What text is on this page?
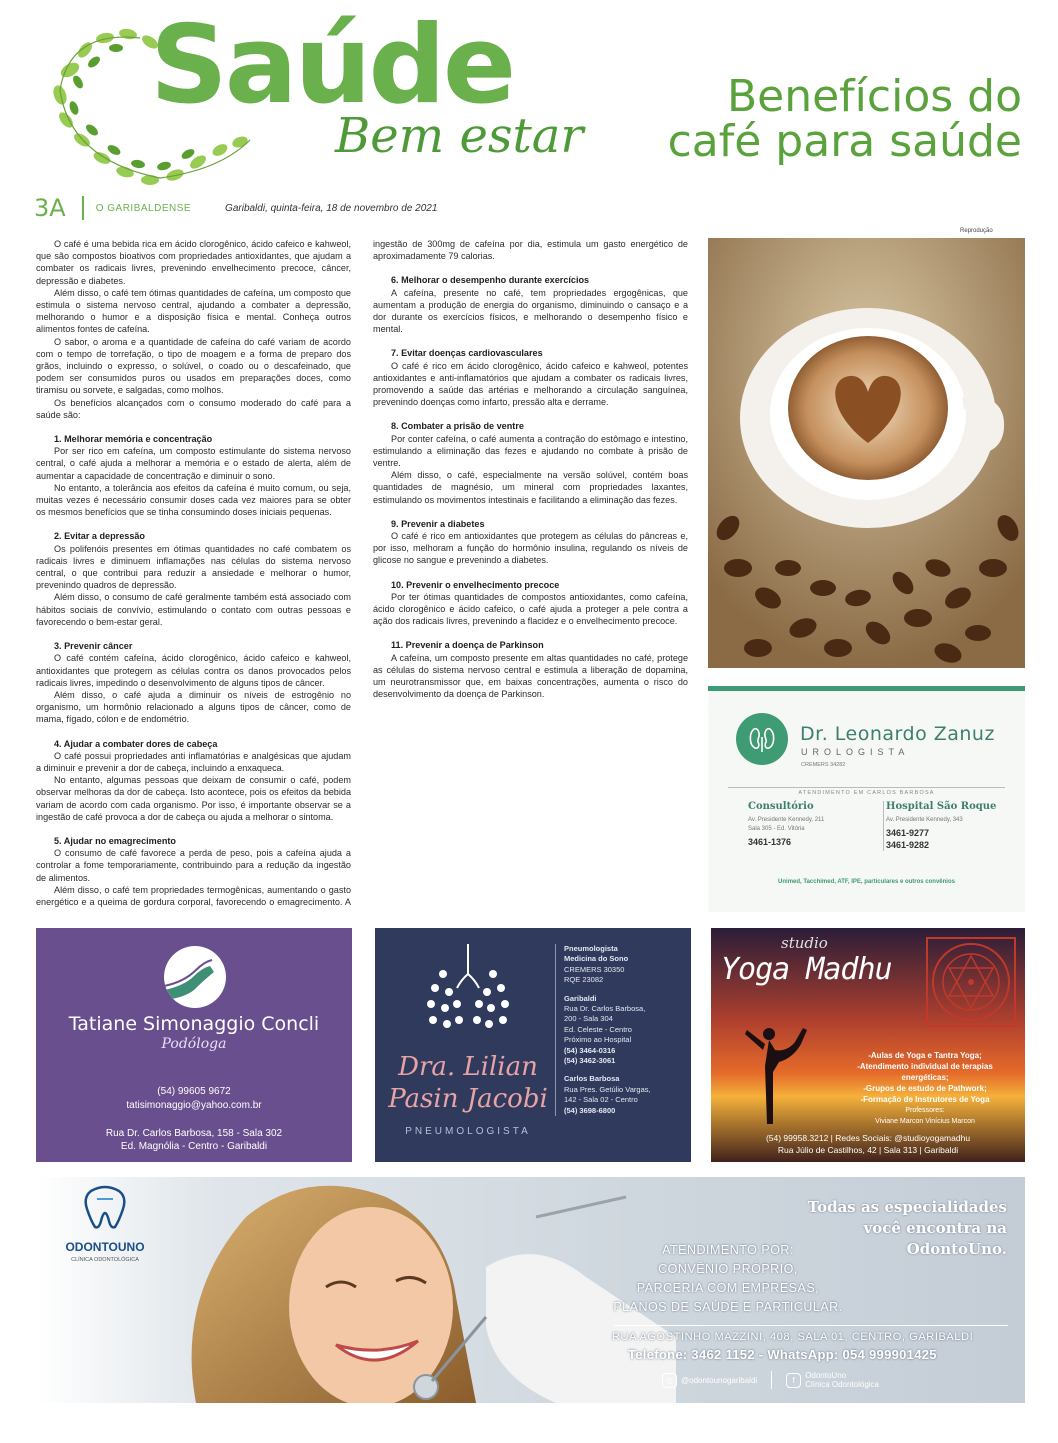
Saúde
Bem estar
Benefícios do
café para saúde
3A	O GARIBALDENSE	Garibaldi, quinta-feira, 18 de novembro de 2021

O café é uma bebida rica em ácido clorogênico, ácido cafeico e kahweol, que são compostos bioativos com propriedades antioxidantes, que ajudam a combater os radicais livres, prevenindo envelhecimento precoce, câncer, depressão e diabetes.

Além disso, o café tem ótimas quantidades de cafeína, um composto que estimula o sistema nervoso central, ajudando a combater a depressão, melhorando o humor e a disposição física e mental. Conheça outros alimentos fontes de cafeína.

O sabor, o aroma e a quantidade de cafeína do café variam de acordo com o tempo de torrefação, o tipo de moagem e a forma de preparo dos grãos, incluindo o expresso, o solúvel, o coado ou o descafeinado, que podem ser consumidos puros ou usados em preparações doces, como tiramisu ou sorvete, e salgadas, como molhos.

Os benefícios alcançados com o consumo moderado do café para a saúde são:

1. Melhorar memória e concentração

Por ser rico em cafeína, um composto estimulante do sistema nervoso central, o café ajuda a melhorar a memória e o estado de alerta, além de aumentar a capacidade de concentração e diminuir o sono.

No entanto, a tolerância aos efeitos da cafeína é muito comum, ou seja, muitas vezes é necessário consumir doses cada vez maiores para se obter os mesmos benefícios que se tinha consumindo doses iniciais pequenas.

2. Evitar a depressão

Os polifenóis presentes em ótimas quantidades no café combatem os radicais livres e diminuem inflamações nas células do sistema nervoso central, o que contribui para reduzir a ansiedade e melhorar o humor, prevenindo quadros de depressão.

Além disso, o consumo de café geralmente também está associado com hábitos sociais de convívio, estimulando o contato com outras pessoas e favorecendo o bem-estar geral.

3. Prevenir câncer

O café contém cafeína, ácido clorogênico, ácido cafeico e kahweol, antioxidantes que protegem as células contra os danos provocados pelos radicais livres, impedindo o desenvolvimento de alguns tipos de câncer.

Além disso, o café ajuda a diminuir os níveis de estrogênio no organismo, um hormônio relacionado a alguns tipos de câncer, como de mama, fígado, cólon e de endométrio.

4. Ajudar a combater dores de cabeça

O café possui propriedades anti inflamatórias e analgésicas que ajudam a diminuir e prevenir a dor de cabeça, incluindo a enxaqueca.

No entanto, algumas pessoas que deixam de consumir o café, podem observar melhoras da dor de cabeça. Isto acontece, pois os efeitos da bebida variam de acordo com cada organismo. Por isso, é importante observar se a ingestão de café provoca a dor de cabeça ou ajuda a melhorar o sintoma.

5. Ajudar no emagrecimento

O consumo de café favorece a perda de peso, pois a cafeína ajuda a controlar a fome temporariamente, contribuindo para a redução da ingestão de alimentos.

Além disso, o café tem propriedades termogênicas, aumentando o gasto energético e a queima de gordura corporal, favorecendo o emagrecimento. A ingestão de 300mg de cafeína por dia, estimula um gasto energético de aproximadamente 79 calorias.

6. Melhorar o desempenho durante exercícios

A cafeína, presente no café, tem propriedades ergogênicas, que aumentam a produção de energia do organismo, diminuindo o cansaço e a dor durante os exercícios físicos, e melhorando o desempenho físico e mental.

7. Evitar doenças cardiovasculares

O café é rico em ácido clorogênico, ácido cafeico e kahweol, potentes antioxidantes e anti-inflamatórios que ajudam a combater os radicais livres, promovendo a saúde das artérias e melhorando a circulação sanguínea, prevenindo doenças como infarto, pressão alta e derrame.

8. Combater a prisão de ventre

Por conter cafeína, o café aumenta a contração do estômago e intestino, estimulando a eliminação das fezes e ajudando no combate à prisão de ventre.

Além disso, o café, especialmente na versão solúvel, contém boas quantidades de magnésio, um mineral com propriedades laxantes, estimulando os movimentos intestinais e facilitando a eliminação das fezes.

9. Prevenir a diabetes

O café é rico em antioxidantes que protegem as células do pâncreas e, por isso, melhoram a função do hormônio insulina, regulando os níveis de glicose no sangue e prevenindo a diabetes.

10. Prevenir o envelhecimento precoce

Por ter ótimas quantidades de compostos antioxidantes, como cafeína, ácido clorogênico e ácido cafeico, o café ajuda a proteger a pele contra a ação dos radicais livres, prevenindo a flacidez e o envelhecimento precoce.

11. Prevenir a doença de Parkinson

A cafeína, um composto presente em altas quantidades no café, protege as células do sistema nervoso central e estimula a liberação de dopamina, um neurotransmissor que, em baixas concentrações, aumenta o risco do desenvolvimento da doença de Parkinson.

Reprodução
Dr. Leonardo Zanuz
UROLOGISTA
CREMERS 34282
ATENDIMENTO EM CARLOS BARBOSA
Consultório
Av. Presidente Kennedy, 211
Sala 305 - Ed. Vitória
3461-1376
Hospital São Roque
Av. Presidente Kennedy, 343
3461-9277
3461-9282
Unimed, Tacchimed, ATF, IPE, particulares e outros convênios
Tatiane Simonaggio Concli
Podóloga
(54) 99605 9672
tatisimonaggio@yahoo.com.br
Rua Dr. Carlos Barbosa, 158 - Sala 302
Ed. Magnólia - Centro - Garibaldi
Dra. Lilian
Pasin Jacobi
PNEUMOLOGISTA
Pneumologista
Medicina do Sono
CREMERS 30350
RQE 23082
Garibaldi
Rua Dr. Carlos Barbosa,
200 - Sala 304
Ed. Celeste - Centro
Próximo ao Hospital
(54) 3464-0316
(54) 3462-3061
Carlos Barbosa
Rua Pres. Getúlio Vargas,
142 - Sala 02 - Centro
(54) 3698-6800
studio
Yoga Madhu
-Aulas de Yoga e Tantra Yoga;
-Atendimento individual de terapias energéticas;
-Grupos de estudo de Pathwork;
-Formação de Instrutores de Yoga
Professores:
Viviane Marcon Vinícius Marcon
(54) 99958.3212 | Redes Sociais: @studioyogamadhu
Rua Júlio de Castilhos, 42 | Sala 313 | Garibaldi
ODONTOUNO
CLÍNICA ODONTOLÓGICA
Todas as especialidades
você encontra na
OdontoUno.
ATENDIMENTO POR:
CONVÊNIO PRÓPRIO,
PARCERIA COM EMPRESAS,
PLANOS DE SAÚDE E PARTICULAR.
RUA AGOSTINHO MAZZINI, 408, SALA 01, CENTRO, GARIBALDI
Telefone: 3462 1152 - WhatsApp: 054 999901425
◎	@odontounogaribaldi	f	OdontoUno
Clínica Odontológica
